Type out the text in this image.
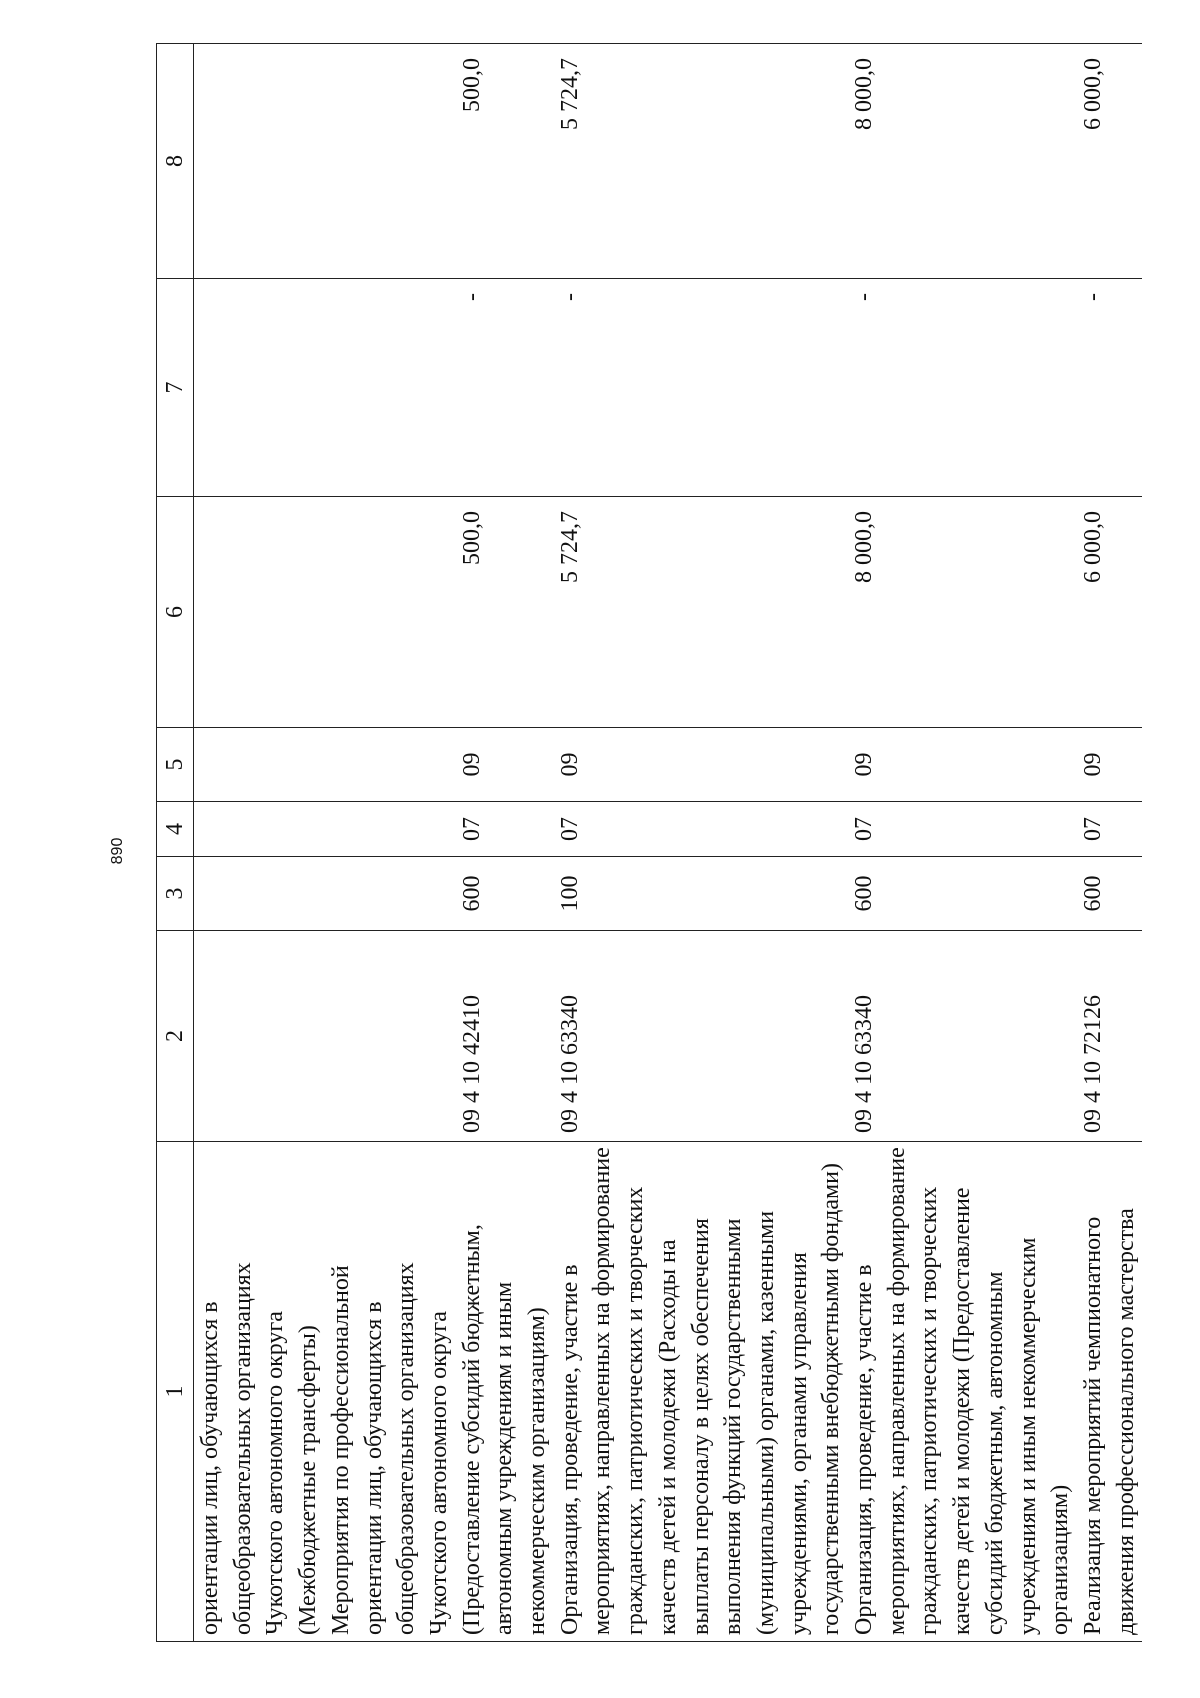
890
1	2	3	4	5	6	7	8
ориентации лиц, обучающихся в общеобразовательных организациях Чукотского автономного округа (Межбюджетные трансферты)							
Мероприятия по профессиональной ориентации лиц, обучающихся в общеобразовательных организациях Чукотского автономного округа (Предоставление субсидий бюджетным, автономным учреждениям и иным некоммерческим организациям)	09 4 10 42410	600	07	09	500,0	-	500,0
Организация, проведение, участие в мероприятиях, направленных на формирование гражданских, патриотических и творческих качеств детей и молодежи (Расходы на выплаты персоналу в целях обеспечения выполнения функций государственными (муниципальными) органами, казенными учреждениями, органами управления государственными внебюджетными фондами)	09 4 10 63340	100	07	09	5 724,7	-	5 724,7
Организация, проведение, участие в мероприятиях, направленных на формирование гражданских, патриотических и творческих качеств детей и молодежи (Предоставление субсидий бюджетным, автономным учреждениям и иным некоммерческим организациям)	09 4 10 63340	600	07	09	8 000,0	-	8 000,0
Реализация мероприятий чемпионатного движения профессионального мастерства	09 4 10 72126	600	07	09	6 000,0	-	6 000,0
